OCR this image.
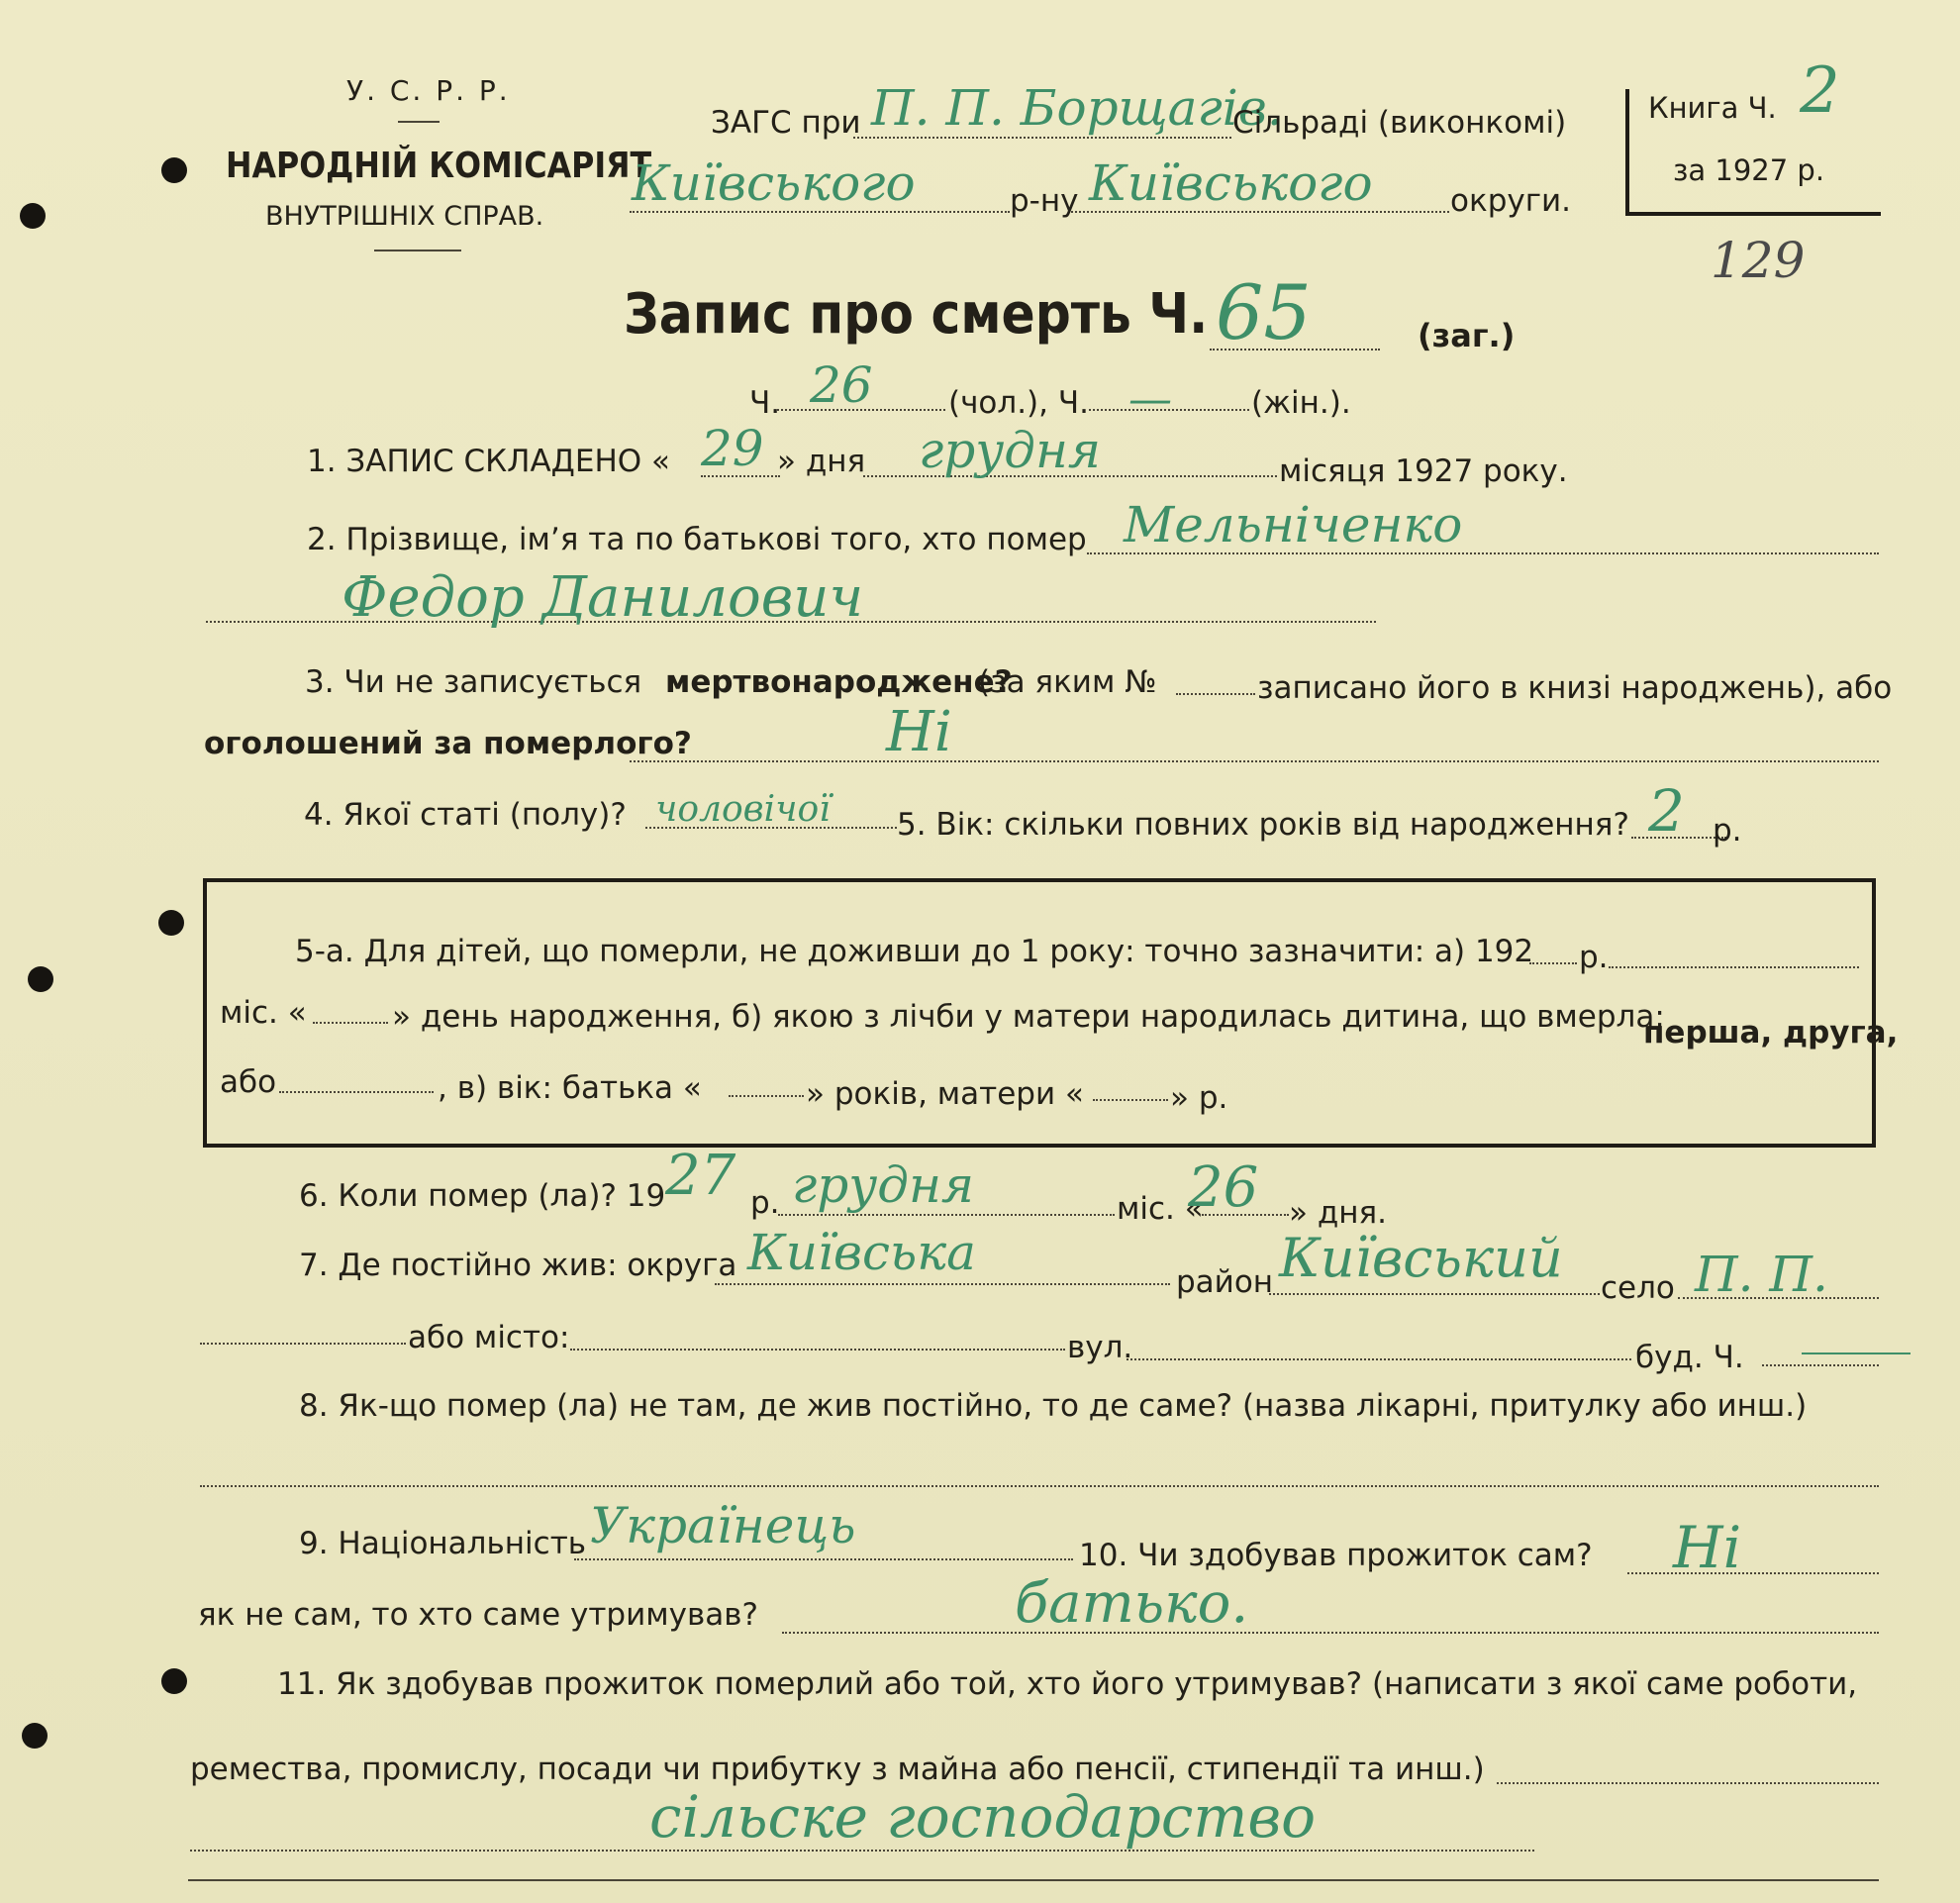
У. С. Р. Р.
НАРОДНІЙ КОМІСАРІЯТ
ВНУТРІШНІХ СПРАВ.
ЗАГС при П. П. Борщагів.
Сільраді (виконкомі)
Київського	р-ну Київського	округи.
Книга Ч. 2
за 1927 р.
129
Запис про смерть Ч. 65	(заг.)
Ч. 26 (чол.), Ч. —	(жін.).
1. ЗАПИС СКЛАДЕНО « 29 » дня грудня	місяця 1927 року.
2. Прізвище, ім’я та по батькові того, хто помер Мельніченко
Федор Данилович
3. Чи не записується мертвонароджене?
(за яким №	записано його в книзі народжень), або
оголошений за померлого?	Ні
4. Якої статі (полу)? чоловічої 5. Вік: скільки повних років від народження? 2 р.
5-а. Для дітей, що померли, не доживши до 1 року: точно зазначити: а) 192 р.
міс. «	» день народження, б) якою з лічби у матери народилась дитина, що вмерла:
перша, друга,
або	, в) вік: батька «	» років, матери «	» р.
6. Коли помер (ла)? 19 27 р. грудня	міс. «
26 » дня.
7. Де постійно жив: округа Київська
район Київський село П. П.
або місто:	вул.	буд. Ч.
8. Як-що помер (ла) не там, де жив постійно, то де саме? (назва лікарні, притулку або инш.)
9. Національність Українець
10. Чи здобував прожиток сам? Ні
як не сам, то хто саме утримував?	батько.
11. Як здобував прожиток померлий або той, хто його утримував? (написати з якої саме роботи,
ремества, промислу, посади чи прибутку з майна або пенсії, стипендії та инш.)
сільске господарство
